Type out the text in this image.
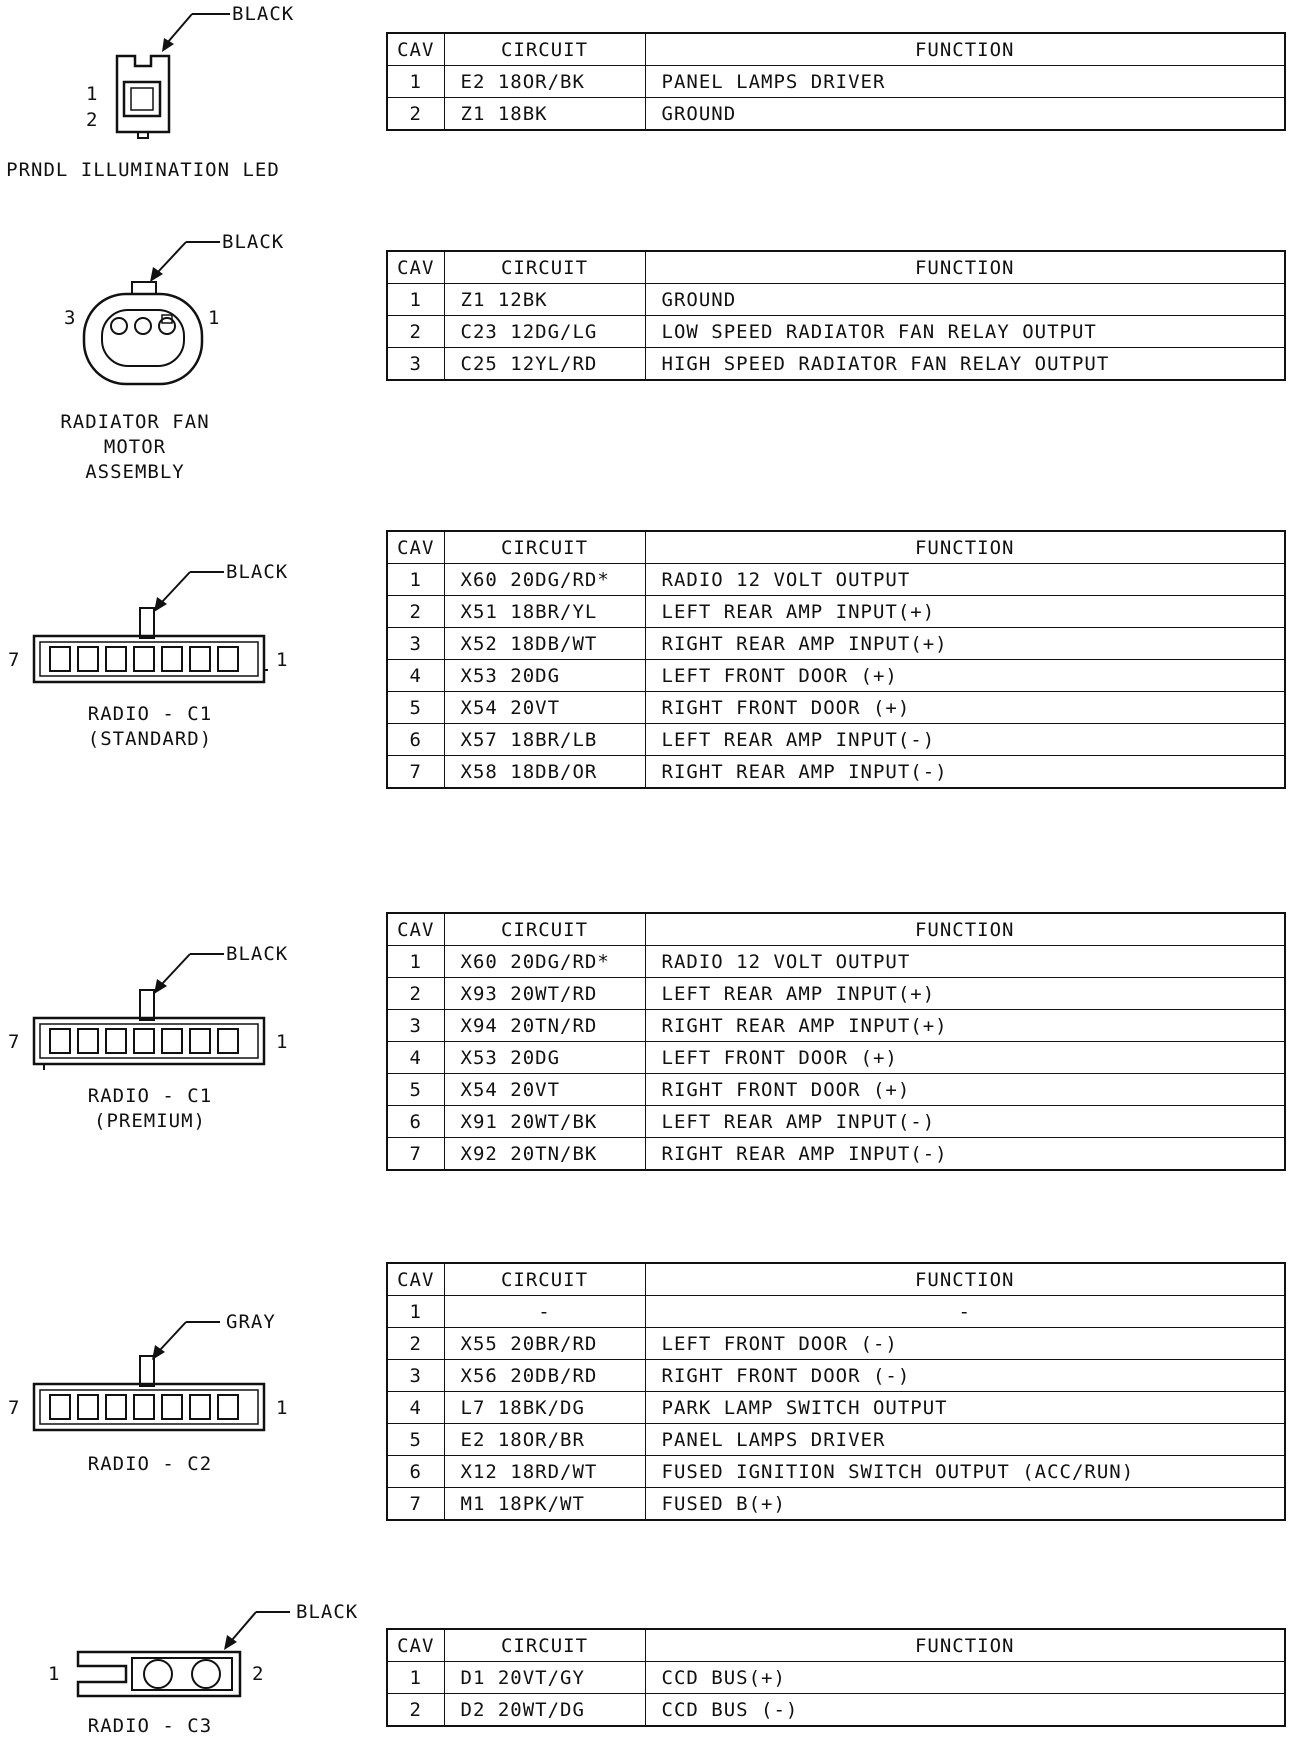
BLACK
1
2
PRNDL ILLUMINATION LED
CAV	CIRCUIT	FUNCTION
1	E2 18OR/BK	PANEL LAMPS DRIVER
2	Z1 18BK	GROUND
BLACK
3	1
RADIATOR FAN
MOTOR
ASSEMBLY
CAV	CIRCUIT	FUNCTION
1	Z1 12BK	GROUND
2	C23 12DG/LG	LOW SPEED RADIATOR FAN RELAY OUTPUT
3	C25 12YL/RD	HIGH SPEED RADIATOR FAN RELAY OUTPUT
BLACK
7	1
RADIO - C1
(STANDARD)
CAV	CIRCUIT	FUNCTION
1	X60 20DG/RD*	RADIO 12 VOLT OUTPUT
2	X51 18BR/YL	LEFT REAR AMP INPUT(+)
3	X52 18DB/WT	RIGHT REAR AMP INPUT(+)
4	X53 20DG	LEFT FRONT DOOR (+)
5	X54 20VT	RIGHT FRONT DOOR (+)
6	X57 18BR/LB	LEFT REAR AMP INPUT(-)
7	X58 18DB/OR	RIGHT REAR AMP INPUT(-)
BLACK
7	1
RADIO - C1
(PREMIUM)
CAV	CIRCUIT	FUNCTION
1	X60 20DG/RD*	RADIO 12 VOLT OUTPUT
2	X93 20WT/RD	LEFT REAR AMP INPUT(+)
3	X94 20TN/RD	RIGHT REAR AMP INPUT(+)
4	X53 20DG	LEFT FRONT DOOR (+)
5	X54 20VT	RIGHT FRONT DOOR (+)
6	X91 20WT/BK	LEFT REAR AMP INPUT(-)
7	X92 20TN/BK	RIGHT REAR AMP INPUT(-)
GRAY
7	1
RADIO - C2
CAV	CIRCUIT	FUNCTION
1	-	-
2	X55 20BR/RD	LEFT FRONT DOOR (-)
3	X56 20DB/RD	RIGHT FRONT DOOR (-)
4	L7 18BK/DG	PARK LAMP SWITCH OUTPUT
5	E2 18OR/BR	PANEL LAMPS DRIVER
6	X12 18RD/WT	FUSED IGNITION SWITCH OUTPUT (ACC/RUN)
7	M1 18PK/WT	FUSED B(+)
BLACK
1	2
RADIO - C3
CAV	CIRCUIT	FUNCTION
1	D1 20VT/GY	CCD BUS(+)
2	D2 20WT/DG	CCD BUS (-)
